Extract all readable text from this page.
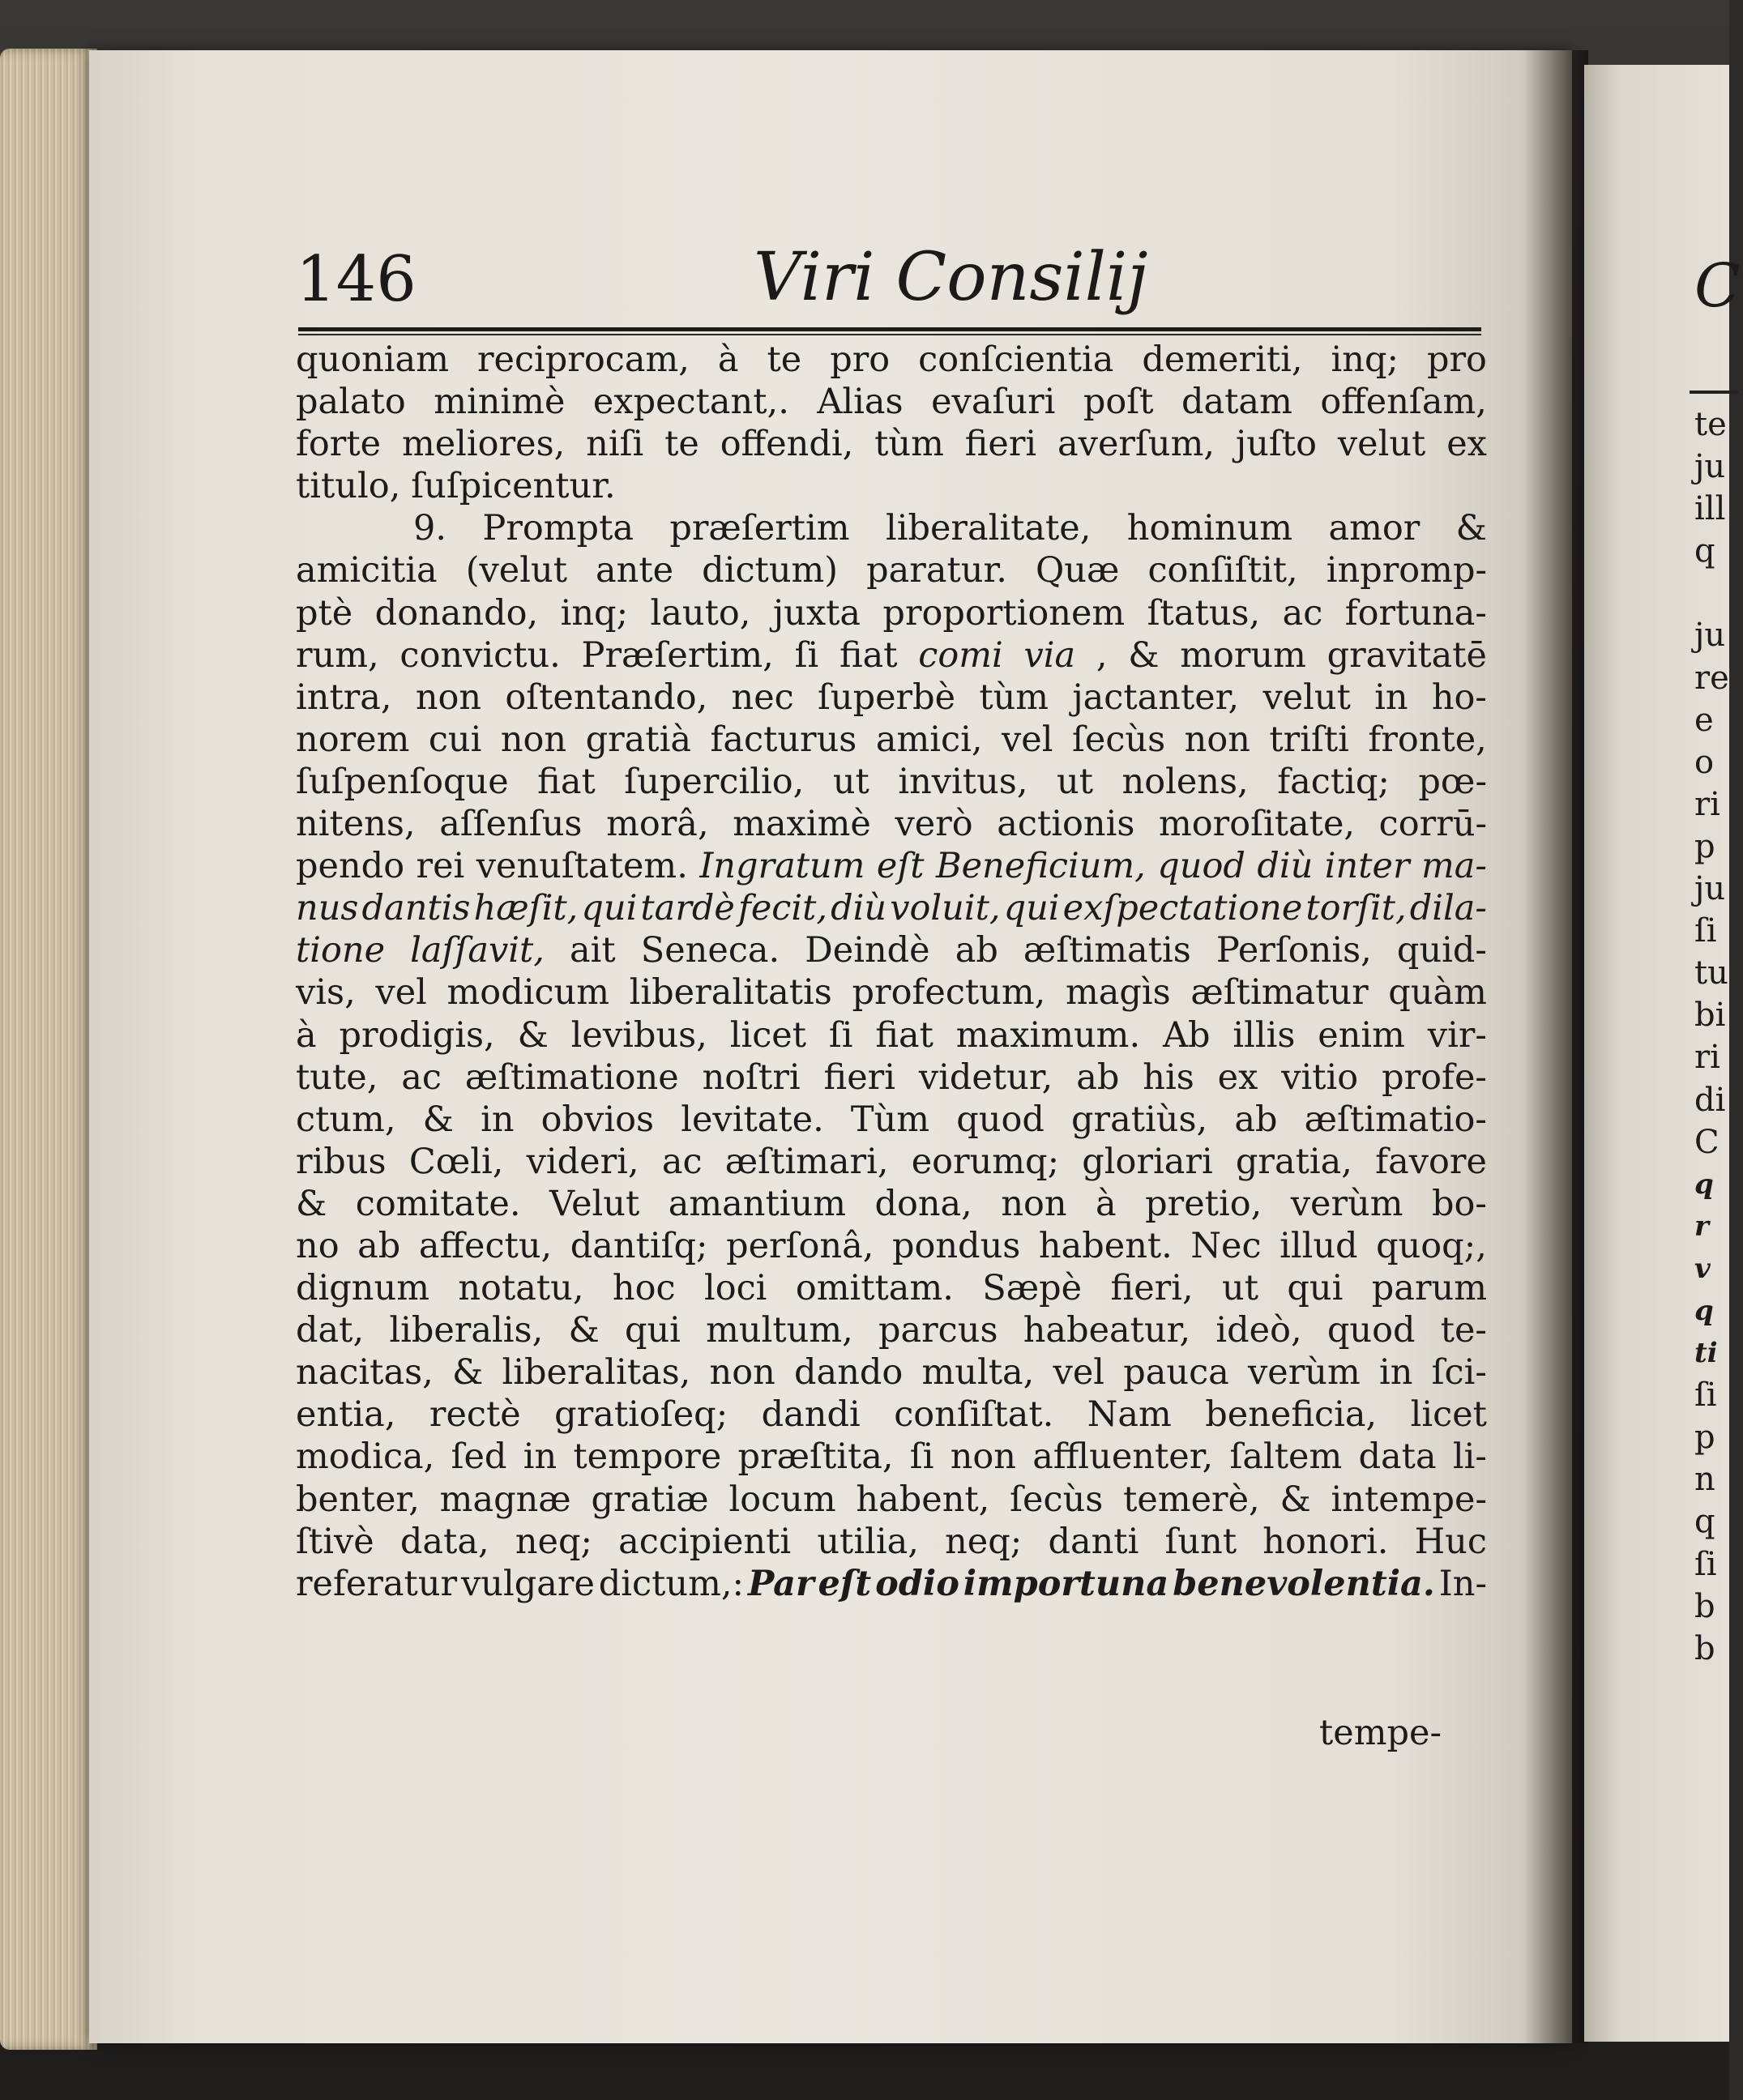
C
te
ju
ill
q
ju
re
e
o
ri
p
ju
ſi
tu
bi
ri
di
C
q
r
v
q
ti
ſi
p
n
q
ſi
b
b
146	Viri Consilij
quoniam reciprocam, à te pro conſcientia demeriti, inq; pro
palato minimè expectant,. Alias evaſuri poſt datam offenſam,
forte meliores, niſi te offendi, tùm fieri averſum, juſto velut ex
titulo, ſuſpicentur.
9. Prompta præſertim liberalitate, hominum amor &
amicitia (velut ante dictum) paratur. Quæ conſiſtit, inpromp-
ptè donando, inq; lauto, juxta proportionem ſtatus, ac fortuna-
rum, convictu. Præſertim, ſi fiat comi via , & morum gravitatē
intra, non oſtentando, nec ſuperbè tùm jactanter, velut in ho-
norem cui non gratià facturus amici, vel ſecùs non triſti fronte,
ſuſpenſoque fiat ſupercilio, ut invitus, ut nolens, factiq; pœ-
nitens, aſſenſus morâ, maximè verò actionis moroſitate, corrū-
pendo rei venuſtatem. Ingratum eſt Beneficium, quod diù inter ma-
nus dantis hæſit, qui tardè fecit, diù voluit, qui exſpectatione torſit, dila-
tione laſſavit, ait Seneca. Deindè ab æſtimatis Perſonis, quid-
vis, vel modicum liberalitatis profectum, magìs æſtimatur quàm
à prodigis, & levibus, licet ſi fiat maximum. Ab illis enim vir-
tute, ac æſtimatione noſtri fieri videtur, ab his ex vitio profe-
ctum, & in obvios levitate. Tùm quod gratiùs, ab æſtimatio-
ribus Cœli, videri, ac æſtimari, eorumq; gloriari gratia, favore
& comitate. Velut amantium dona, non à pretio, verùm bo-
no ab affectu, dantiſq; perſonâ, pondus habent. Nec illud quoq;,
dignum notatu, hoc loci omittam. Sæpè fieri, ut qui parum
dat, liberalis, & qui multum, parcus habeatur, ideò, quod te-
nacitas, & liberalitas, non dando multa, vel pauca verùm in ſci-
entia, rectè gratioſeq; dandi conſiſtat. Nam beneficia, licet
modica, ſed in tempore præſtita, ſi non affluenter, ſaltem data li-
benter, magnæ gratiæ locum habent, ſecùs temerè, & intempe-
ſtivè data, neq; accipienti utilia, neq; danti ſunt honori. Huc
referatur vulgare dictum,: Par eſt odio importuna benevolentia. In-
tempe-
